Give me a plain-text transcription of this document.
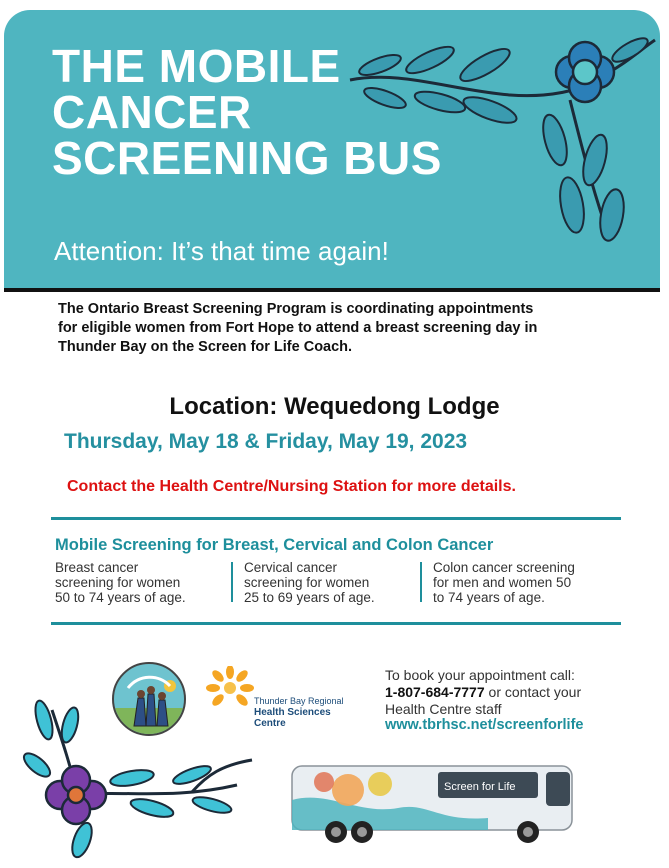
THE MOBILE
CANCER
SCREENING BUS
Attention: It’s that time again!
The Ontario Breast Screening Program is coordinating appointments
for eligible women from Fort Hope to attend a breast screening day in
Thunder Bay on the Screen for Life Coach.
Location: Wequedong Lodge
Thursday, May 18 & Friday, May 19, 2023
Contact the Health Centre/Nursing Station for more details.
Mobile Screening for Breast, Cervical and Colon Cancer
Breast cancer
screening for women
50 to 74 years of age.
Cervical cancer
screening for women
25 to 69 years of age.
Colon cancer screening
for men and women 50
to 74 years of age.
Thunder Bay Regional
Health Sciences
Centre
To book your appointment call:
1-807-684-7777 or contact your
Health Centre staff
www.tbrhsc.net/screenforlife
Screen for Life
